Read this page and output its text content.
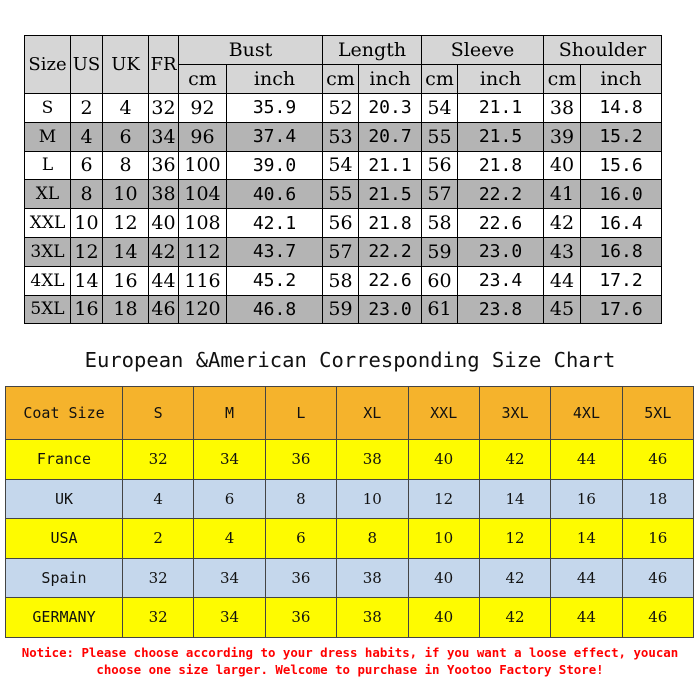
Size	US	UK	FR	Bust		Length		Sleeve		Shoulder	
				cm	inch	cm	inch	cm	inch	cm	inch
S	2	4	32	92	35.9	52	20.3	54	21.1	38	14.8
M	4	6	34	96	37.4	53	20.7	55	21.5	39	15.2
L	6	8	36	100	39.0	54	21.1	56	21.8	40	15.6
XL	8	10	38	104	40.6	55	21.5	57	22.2	41	16.0
XXL	10	12	40	108	42.1	56	21.8	58	22.6	42	16.4
3XL	12	14	42	112	43.7	57	22.2	59	23.0	43	16.8
4XL	14	16	44	116	45.2	58	22.6	60	23.4	44	17.2
5XL	16	18	46	120	46.8	59	23.0	61	23.8	45	17.6
European &American Corresponding Size Chart
Coat Size	S	M	L	XL	XXL	3XL	4XL	5XL
France	32	34	36	38	40	42	44	46
UK	4	6	8	10	12	14	16	18
USA	2	4	6	8	10	12	14	16
Spain	32	34	36	38	40	42	44	46
GERMANY	32	34	36	38	40	42	44	46
Notice: Please choose according to your dress habits, if you want a loose effect, youcan choose one size larger. Welcome to purchase in Yootoo Factory Store!
